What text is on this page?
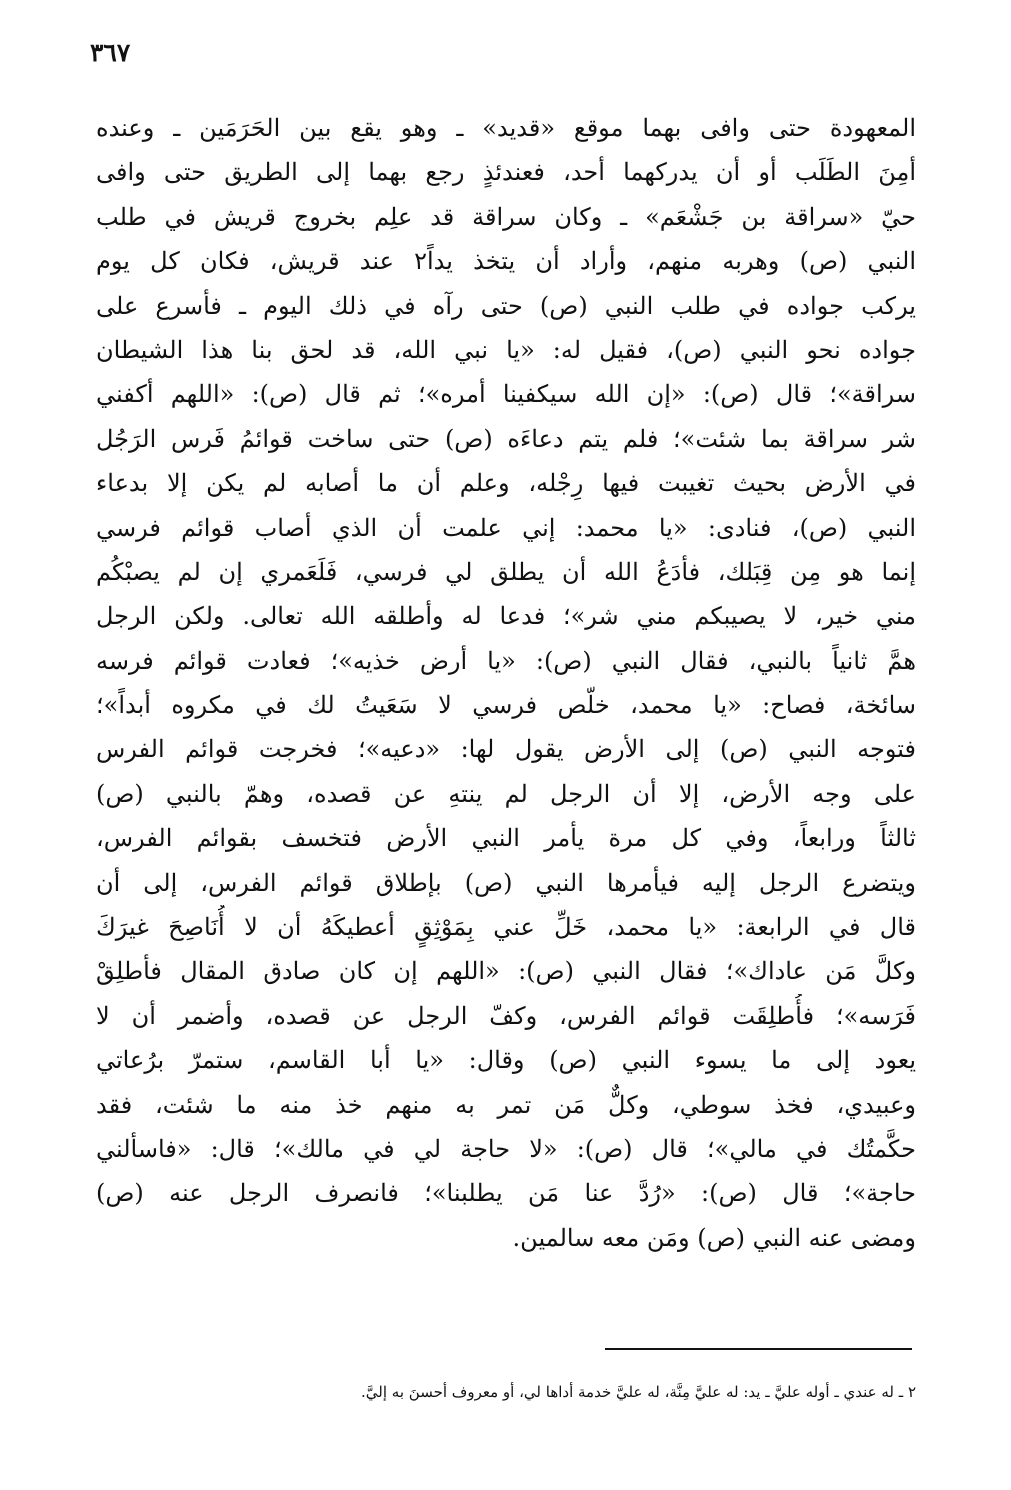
٣٦٧
المعهودة حتى وافى بهما موقع «قديد» ـ وهو يقع بين الحَرَمَين ـ وعنده
أمِنَ الطَلَب أو أن يدركهما أحد، فعندئذٍ رجع بهما إلى الطريق حتى وافى
حيّ «سراقة بن جَشْعَم» ـ وكان سراقة قد علِم بخروج قريش في طلب
النبي (ص) وهربه منهم، وأراد أن يتخذ يداً٢ عند قريش، فكان كل يوم
يركب جواده في طلب النبي (ص) حتى رآه في ذلك اليوم ـ فأسرع على
جواده نحو النبي (ص)، فقيل له: «يا نبي الله، قد لحق بنا هذا الشيطان
سراقة»؛ قال (ص): «إن الله سيكفينا أمره»؛ ثم قال (ص): «اللهم أكفني
شر سراقة بما شئت»؛ فلم يتم دعاءَه (ص) حتى ساخت قوائمُ فَرس الرَجُل
في الأرض بحيث تغيبت فيها رِجْله، وعلم أن ما أصابه لم يكن إلا بدعاء
النبي (ص)، فنادى: «يا محمد: إني علمت أن الذي أصاب قوائم فرسي
إنما هو مِن قِبَلك، فأدَعُ الله أن يطلق لي فرسي، فَلَعَمري إن لم يصبْكُم
مني خير، لا يصيبكم مني شر»؛ فدعا له وأطلقه الله تعالى. ولكن الرجل
همَّ ثانياً بالنبي، فقال النبي (ص): «يا أرض خذيه»؛ فعادت قوائم فرسه
سائخة، فصاح: «يا محمد، خلّص فرسي لا سَعَيتُ لك في مكروه أبداً»؛
فتوجه النبي (ص) إلى الأرض يقول لها: «دعيه»؛ فخرجت قوائم الفرس
على وجه الأرض، إلا أن الرجل لم ينتهِ عن قصده، وهمّ بالنبي (ص)
ثالثاً ورابعاً، وفي كل مرة يأمر النبي الأرض فتخسف بقوائم الفرس،
ويتضرع الرجل إليه فيأمرها النبي (ص) بإطلاق قوائم الفرس، إلى أن
قال في الرابعة: «يا محمد، خَلِّ عني بِمَوْثِقٍ أعطيكَهُ أن لا أُنَاصِحَ غيرَكَ
وكلَّ مَن عاداك»؛ فقال النبي (ص): «اللهم إن كان صادق المقال فأطلِقْ
فَرَسه»؛ فأُطلِقَت قوائم الفرس، وكفّ الرجل عن قصده، وأضمر أن لا
يعود إلى ما يسوء النبي (ص) وقال: «يا أبا القاسم، ستمرّ برُعاتي
وعبيدي، فخذ سوطي، وكلٌّ مَن تمر به منهم خذ منه ما شئت، فقد
حكَّمتُك في مالي»؛ قال (ص): «لا حاجة لي في مالك»؛ قال: «فاسألني
حاجة»؛ قال (ص): «رُدَّ عنا مَن يطلبنا»؛ فانصرف الرجل عنه (ص)
ومضى عنه النبي (ص) ومَن معه سالمين.
٢ ـ له عندي ـ أوله عليَّ ـ يد: له عليَّ مِنَّة، له عليَّ خدمة أداها لي، أو معروف أحسنَ به إليَّ.
